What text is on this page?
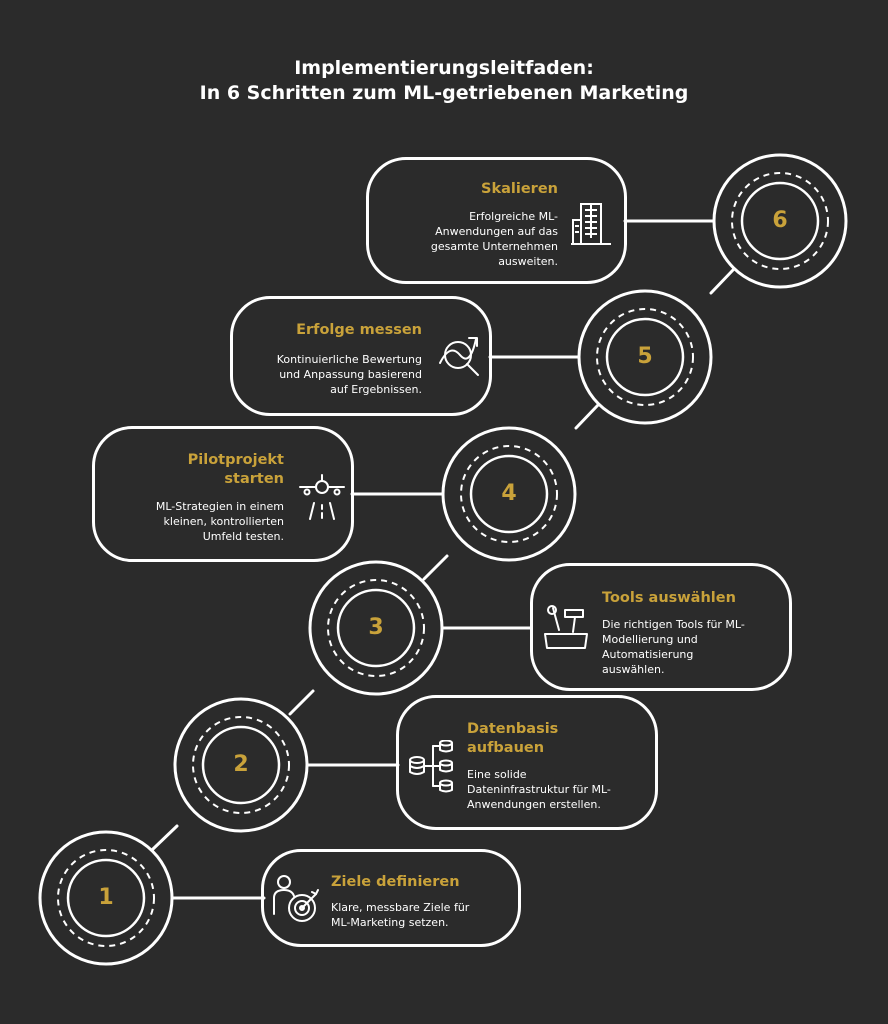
Implementierungsleitfaden:
In 6 Schritten zum ML-getriebenen Marketing
1
2
3
4
5
6
Skalieren
Erfolgreiche ML-
Anwendungen auf das
gesamte Unternehmen
ausweiten.
Erfolge messen
Kontinuierliche Bewertung
und Anpassung basierend
auf Ergebnissen.
Pilotprojekt
starten
ML-Strategien in einem
kleinen, kontrollierten
Umfeld testen.
Tools auswählen
Die richtigen Tools für ML-
Modellierung und
Automatisierung
auswählen.
Datenbasis
aufbauen
Eine solide
Dateninfrastruktur für ML-
Anwendungen erstellen.
Ziele definieren
Klare, messbare Ziele für
ML-Marketing setzen.
